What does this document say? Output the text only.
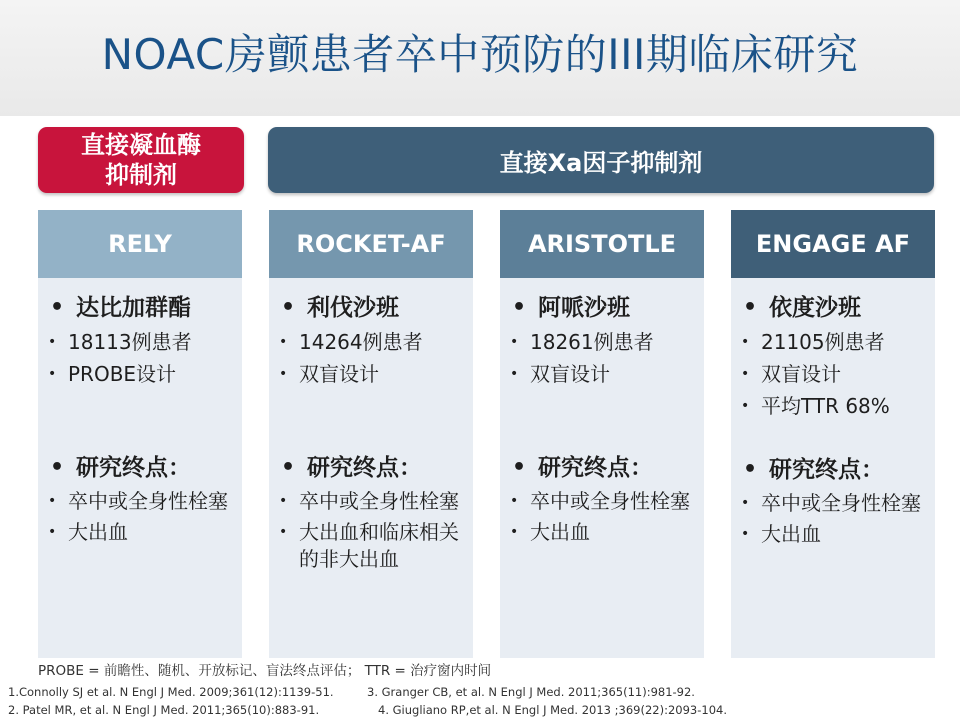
NOAC房颤患者卒中预防的III期临床研究
直接凝血酶
抑制剂	直接Xa因子抑制剂
RELY
• 达比加群酯
• 18113例患者
• PROBE设计
• 研究终点：
• 卒中或全身性栓塞
• 大出血
ROCKET-AF
• 利伐沙班
• 14264例患者
• 双盲设计
• 研究终点：
• 卒中或全身性栓塞
• 大出血和临床相关的非大出血
ARISTOTLE
• 阿哌沙班
• 18261例患者
• 双盲设计
• 研究终点：
• 卒中或全身性栓塞
• 大出血
ENGAGE AF
• 依度沙班
• 21105例患者
• 双盲设计
• 平均TTR 68%
• 研究终点：
• 卒中或全身性栓塞
• 大出血
PROBE = 前瞻性、随机、开放标记、盲法终点评估； TTR = 治疗窗内时间
1.Connolly SJ et al. N Engl J Med. 2009;361(12):1139-51.	3. Granger CB, et al. N Engl J Med. 2011;365(11):981-92.
2. Patel MR, et al. N Engl J Med. 2011;365(10):883-91.	4. Giugliano RP,et al. N Engl J Med. 2013 ;369(22):2093-104.
